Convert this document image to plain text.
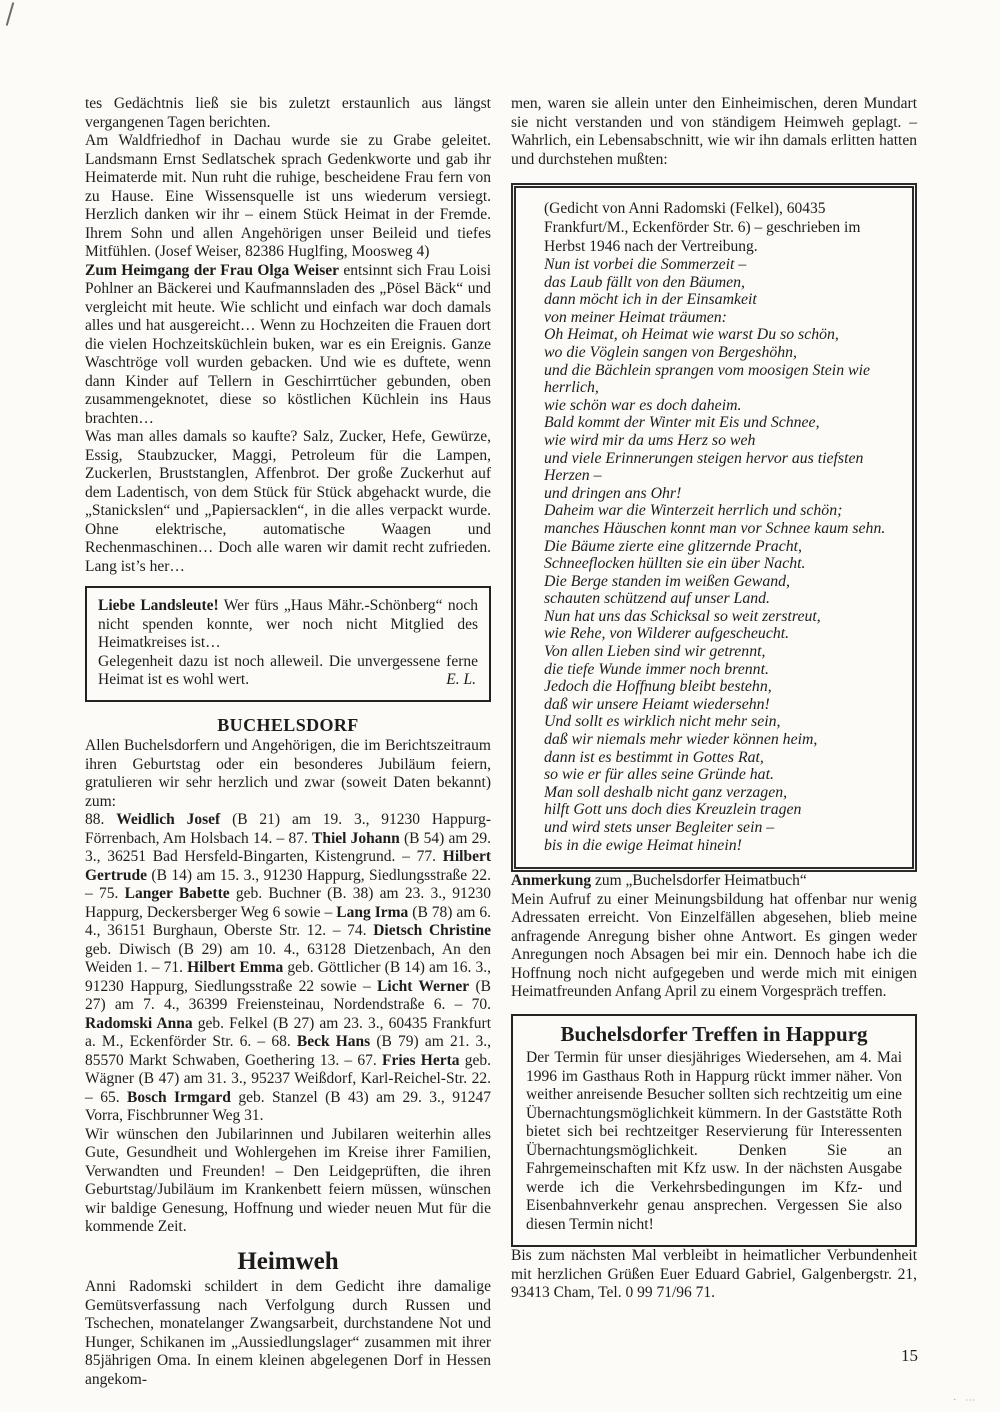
tes Gedächtnis ließ sie bis zuletzt erstaunlich aus längst vergangenen Tagen berichten.

Am Waldfriedhof in Dachau wurde sie zu Grabe geleitet. Landsmann Ernst Sedlatschek sprach Gedenkworte und gab ihr Heimaterde mit. Nun ruht die ruhige, bescheidene Frau fern von zu Hause. Eine Wissensquelle ist uns wiederum versiegt. Herzlich danken wir ihr – einem Stück Heimat in der Fremde. Ihrem Sohn und allen Angehörigen unser Beileid und tiefes Mitfühlen. (Josef Weiser, 82386 Huglfing, Moosweg 4)

Zum Heimgang der Frau Olga Weiser entsinnt sich Frau Loisi Pohlner an Bäckerei und Kaufmannsladen des „Pösel Bäck“ und vergleicht mit heute. Wie schlicht und einfach war doch damals alles und hat ausgereicht… Wenn zu Hochzeiten die Frauen dort die vielen Hochzeitsküchlein buken, war es ein Ereignis. Ganze Waschtröge voll wurden gebacken. Und wie es duftete, wenn dann Kinder auf Tellern in Geschirrtücher gebunden, oben zusammengeknotet, diese so köstlichen Küchlein ins Haus brachten…

Was man alles damals so kaufte? Salz, Zucker, Hefe, Gewürze, Essig, Staubzucker, Maggi, Petroleum für die Lampen, Zuckerlen, Bruststanglen, Affenbrot. Der große Zuckerhut auf dem Ladentisch, von dem Stück für Stück abgehackt wurde, die „Stanickslen“ und „Papiersacklen“, in die alles verpackt wurde. Ohne elektrische, automatische Waagen und Rechenmaschinen… Doch alle waren wir damit recht zufrieden. Lang ist’s her…

Liebe Landsleute! Wer fürs „Haus Mähr.-Schönberg“ noch nicht spenden konnte, wer noch nicht Mitglied des Heimatkreises ist…

Gelegenheit dazu ist noch alleweil. Die unvergessene ferne Heimat ist es wohl wert.	E. L.

BUCHELSDORF

Allen Buchelsdorfern und Angehörigen, die im Berichtszeitraum ihren Geburtstag oder ein besonderes Jubiläum feiern, gratulieren wir sehr herzlich und zwar (soweit Daten bekannt) zum:

88. Weidlich Josef (B 21) am 19. 3., 91230 Happurg-Förrenbach, Am Holsbach 14. – 87. Thiel Johann (B 54) am 29. 3., 36251 Bad Hersfeld-Bingarten, Kistengrund. – 77. Hilbert Gertrude (B 14) am 15. 3., 91230 Happurg, Siedlungsstraße 22. – 75. Langer Babette geb. Buchner (B. 38) am 23. 3., 91230 Happurg, Deckersberger Weg 6 sowie – Lang Irma (B 78) am 6. 4., 36151 Burghaun, Oberste Str. 12. – 74. Dietsch Christine geb. Diwisch (B 29) am 10. 4., 63128 Dietzenbach, An den Weiden 1. – 71. Hilbert Emma geb. Göttlicher (B 14) am 16. 3., 91230 Happurg, Siedlungsstraße 22 sowie – Licht Werner (B 27) am 7. 4., 36399 Freiensteinau, Nordendstraße 6. – 70. Radomski Anna geb. Felkel (B 27) am 23. 3., 60435 Frankfurt a. M., Eckenförder Str. 6. – 68. Beck Hans (B 79) am 21. 3., 85570 Markt Schwaben, Goethering 13. – 67. Fries Herta geb. Wägner (B 47) am 31. 3., 95237 Weißdorf, Karl-Reichel-Str. 22. – 65. Bosch Irmgard geb. Stanzel (B 43) am 29. 3., 91247 Vorra, Fischbrunner Weg 31.

Wir wünschen den Jubilarinnen und Jubilaren weiterhin alles Gute, Gesundheit und Wohlergehen im Kreise ihrer Familien, Verwandten und Freunden! – Den Leidgeprüften, die ihren Geburtstag/Jubiläum im Krankenbett feiern müssen, wünschen wir baldige Genesung, Hoffnung und wieder neuen Mut für die kommende Zeit.

Heimweh

Anni Radomski schildert in dem Gedicht ihre damalige Gemütsverfassung nach Verfolgung durch Russen und Tschechen, monatelanger Zwangsarbeit, durchstandene Not und Hunger, Schikanen im „Aussiedlungslager“ zusammen mit ihrer 85jährigen Oma. In einem kleinen abgelegenen Dorf in Hessen angekom-

men, waren sie allein unter den Einheimischen, deren Mundart sie nicht verstanden und von ständigem Heimweh geplagt. – Wahrlich, ein Lebensabschnitt, wie wir ihn damals erlitten hatten und durchstehen mußten:

(Gedicht von Anni Radomski (Felkel), 60435 Frankfurt/M., Eckenförder Str. 6) – geschrieben im Herbst 1946 nach der Vertreibung.

Nun ist vorbei die Sommerzeit –
das Laub fällt von den Bäumen,
dann möcht ich in der Einsamkeit
von meiner Heimat träumen:

Oh Heimat, oh Heimat wie warst Du so schön,
wo die Vöglein sangen von Bergeshöhn,
und die Bächlein sprangen vom moosigen Stein wie herrlich,
wie schön war es doch daheim.

Bald kommt der Winter mit Eis und Schnee,
wie wird mir da ums Herz so weh
und viele Erinnerungen steigen hervor aus tiefsten Herzen –
und dringen ans Ohr!

Daheim war die Winterzeit herrlich und schön;
manches Häuschen konnt man vor Schnee kaum sehn.
Die Bäume zierte eine glitzernde Pracht,
Schneeflocken hüllten sie ein über Nacht.

Die Berge standen im weißen Gewand,
schauten schützend auf unser Land.
Nun hat uns das Schicksal so weit zerstreut,
wie Rehe, von Wilderer aufgescheucht.

Von allen Lieben sind wir getrennt,
die tiefe Wunde immer noch brennt.
Jedoch die Hoffnung bleibt bestehn,
daß wir unsere Heiamt wiedersehn!

Und sollt es wirklich nicht mehr sein,
daß wir niemals mehr wieder können heim,
dann ist es bestimmt in Gottes Rat,
so wie er für alles seine Gründe hat.

Man soll deshalb nicht ganz verzagen,
hilft Gott uns doch dies Kreuzlein tragen
und wird stets unser Begleiter sein –
bis in die ewige Heimat hinein!

Anmerkung zum „Buchelsdorfer Heimatbuch“

Mein Aufruf zu einer Meinungsbildung hat offenbar nur wenig Adressaten erreicht. Von Einzelfällen abgesehen, blieb meine anfragende Anregung bisher ohne Antwort. Es gingen weder Anregungen noch Absagen bei mir ein. Dennoch habe ich die Hoffnung noch nicht aufgegeben und werde mich mit einigen Heimatfreunden Anfang April zu einem Vorgespräch treffen.

Buchelsdorfer Treffen in Happurg

Der Termin für unser diesjähriges Wiedersehen, am 4. Mai 1996 im Gasthaus Roth in Happurg rückt immer näher. Von weither anreisende Besucher sollten sich rechtzeitig um eine Übernachtungsmöglichkeit kümmern. In der Gaststätte Roth bietet sich bei rechtzeitger Reservierung für Interessenten Übernachtungsmöglichkeit. Denken Sie an Fahrgemeinschaften mit Kfz usw. In der nächsten Ausgabe werde ich die Verkehrsbedingungen im Kfz- und Eisenbahnverkehr genau ansprechen. Vergessen Sie also diesen Termin nicht!

Bis zum nächsten Mal verbleibt in heimatlicher Verbundenheit mit herzlichen Grüßen Euer Eduard Gabriel, Galgenbergstr. 21, 93413 Cham, Tel. 0 99 71/96 71.

15
· ⋯
